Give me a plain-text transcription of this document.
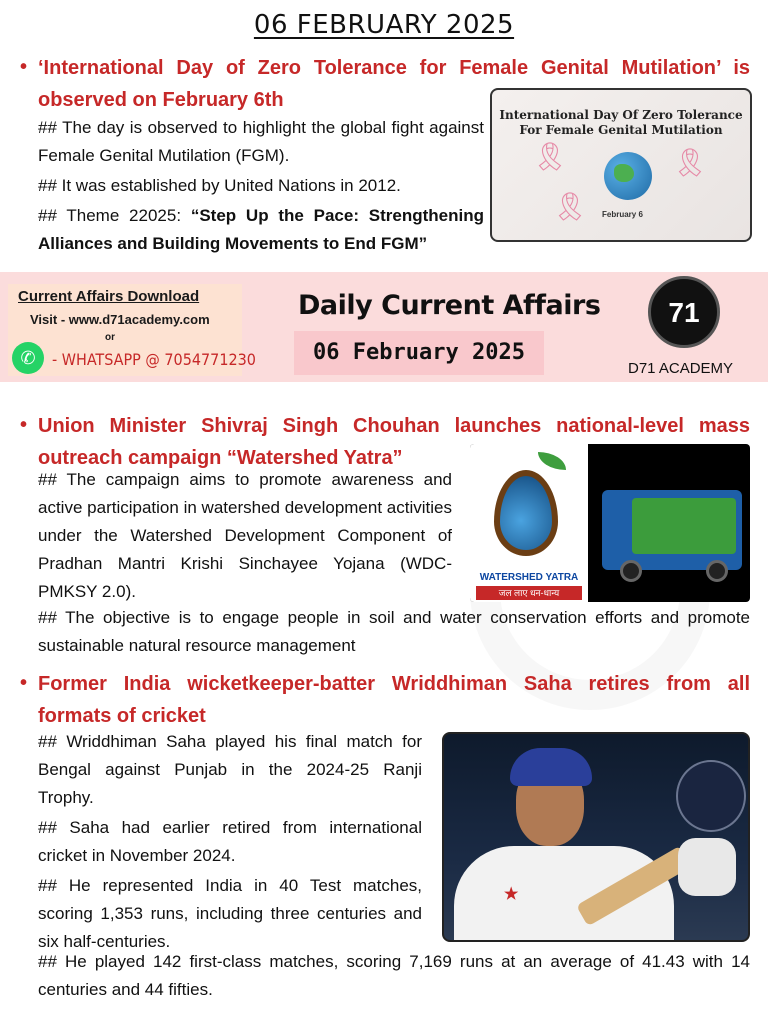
06 FEBRUARY 2025
• ‘International Day of Zero Tolerance for Female Genital Mutilation’ is observed on February 6th

## The day is observed to highlight the global fight against Female Genital Mutilation (FGM).

## It was established by United Nations in 2012.

## Theme 22025: “Step Up the Pace: Strengthening Alliances and Building Movements to End FGM”

International Day Of Zero Tolerance For Female Genital Mutilation
🎗	🎗
🎗 February 6
Current Affairs Download
Visit - www.d71academy.com
or
✆	- WHATSAPP @ 7054771230
Daily Current Affairs
06 February 2025
71
D71 ACADEMY
• Union Minister Shivraj Singh Chouhan launches national-level mass outreach campaign “Watershed Yatra”
## The campaign aims to promote awareness and active participation in watershed development activities under the Watershed Development Component of Pradhan Mantri Krishi Sinchayee Yojana (WDC-PMKSY 2.0).
## The objective is to engage people in soil and water conservation efforts and promote sustainable natural resource management
WATERSHED YATRA
जल लाए धन-धान्य
• Former India wicketkeeper-batter Wriddhiman Saha retires from all formats of cricket

## Wriddhiman Saha played his final match for Bengal against Punjab in the 2024-25 Ranji Trophy.

## Saha had earlier retired from international cricket in November 2024.

## He represented India in 40 Test matches, scoring 1,353 runs, including three centuries and six half-centuries.

## He played 142 first-class matches, scoring 7,169 runs at an average of 41.43 with 14 centuries and 44 fifties.
★
